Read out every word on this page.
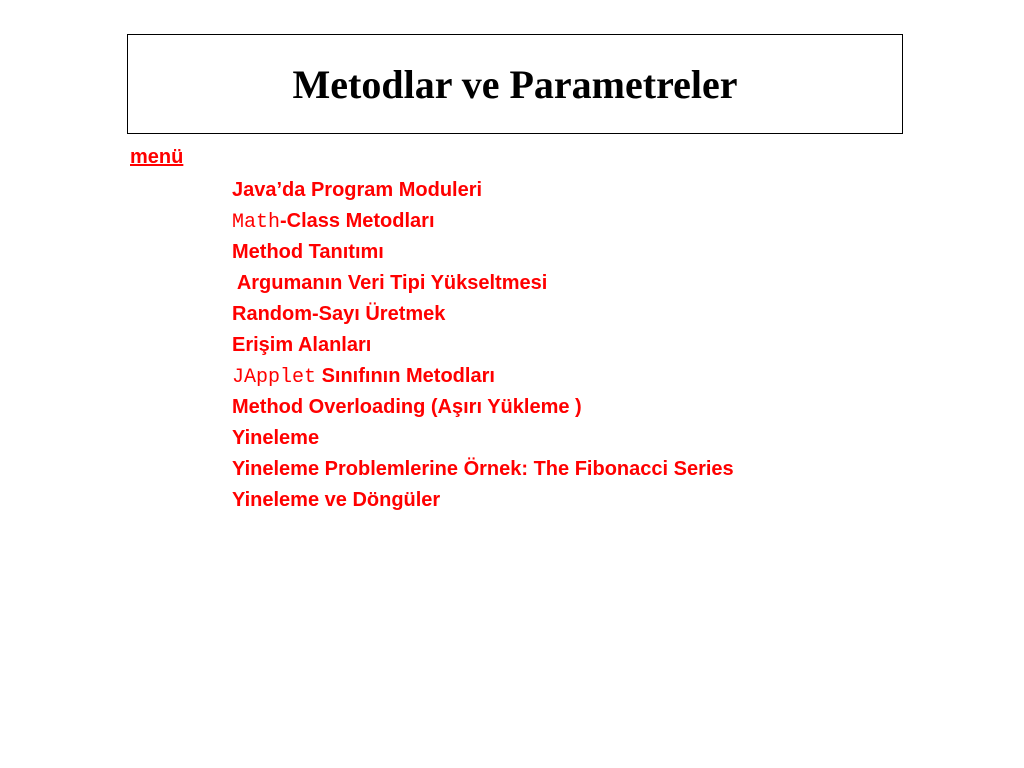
Metodlar ve Parametreler
menü
Java’da Program Moduleri
Math-Class Metodları
Method Tanıtımı
Argumanın Veri Tipi Yükseltmesi
Random-Sayı Üretmek
Erişim Alanları
JApplet Sınıfının Metodları
Method Overloading (Aşırı Yükleme )
Yineleme
Yineleme Problemlerine Örnek: The Fibonacci Series
Yineleme ve Döngüler
